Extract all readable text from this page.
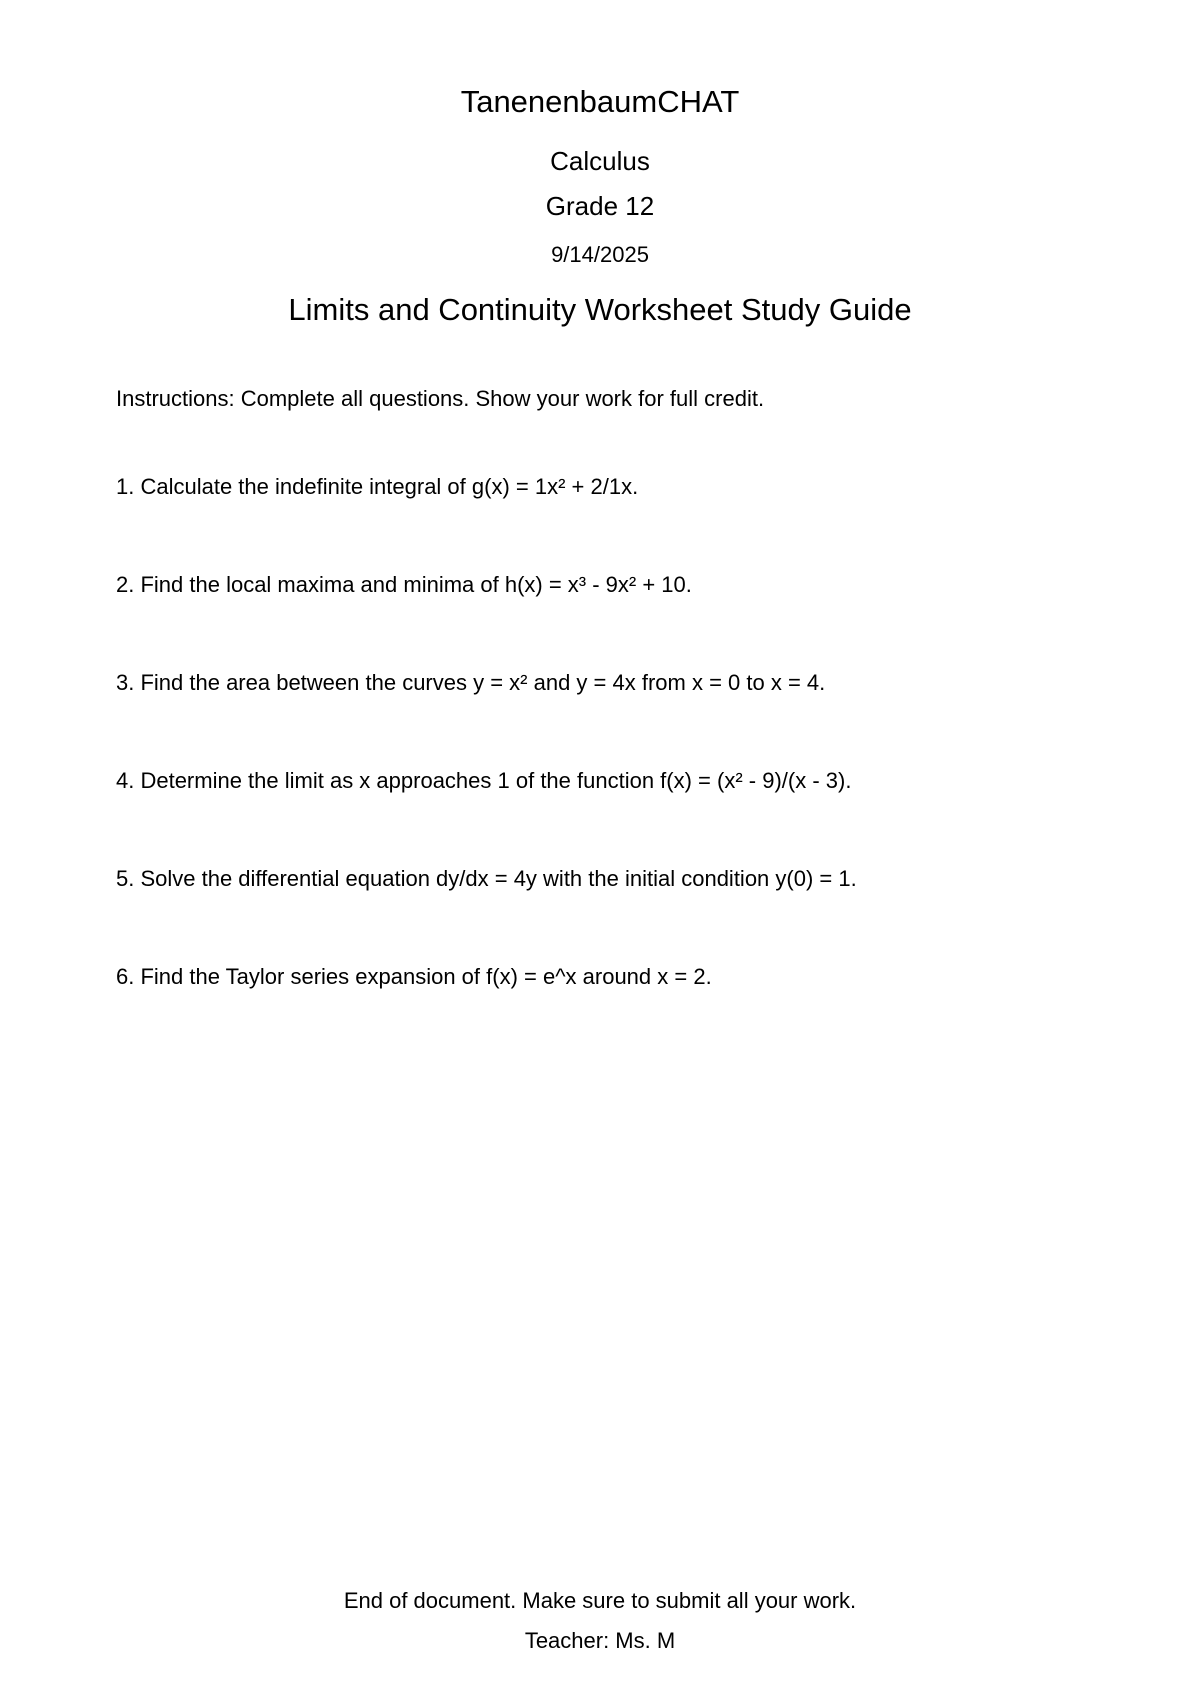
TanenenbaumCHAT
Calculus
Grade 12
9/14/2025
Limits and Continuity Worksheet Study Guide
Instructions: Complete all questions. Show your work for full credit.
1. Calculate the indefinite integral of g(x) = 1x² + 2/1x.
2. Find the local maxima and minima of h(x) = x³ - 9x² + 10.
3. Find the area between the curves y = x² and y = 4x from x = 0 to x = 4.
4. Determine the limit as x approaches 1 of the function f(x) = (x² - 9)/(x - 3).
5. Solve the differential equation dy/dx = 4y with the initial condition y(0) = 1.
6. Find the Taylor series expansion of f(x) = e^x around x = 2.
End of document. Make sure to submit all your work.
Teacher: Ms. M
